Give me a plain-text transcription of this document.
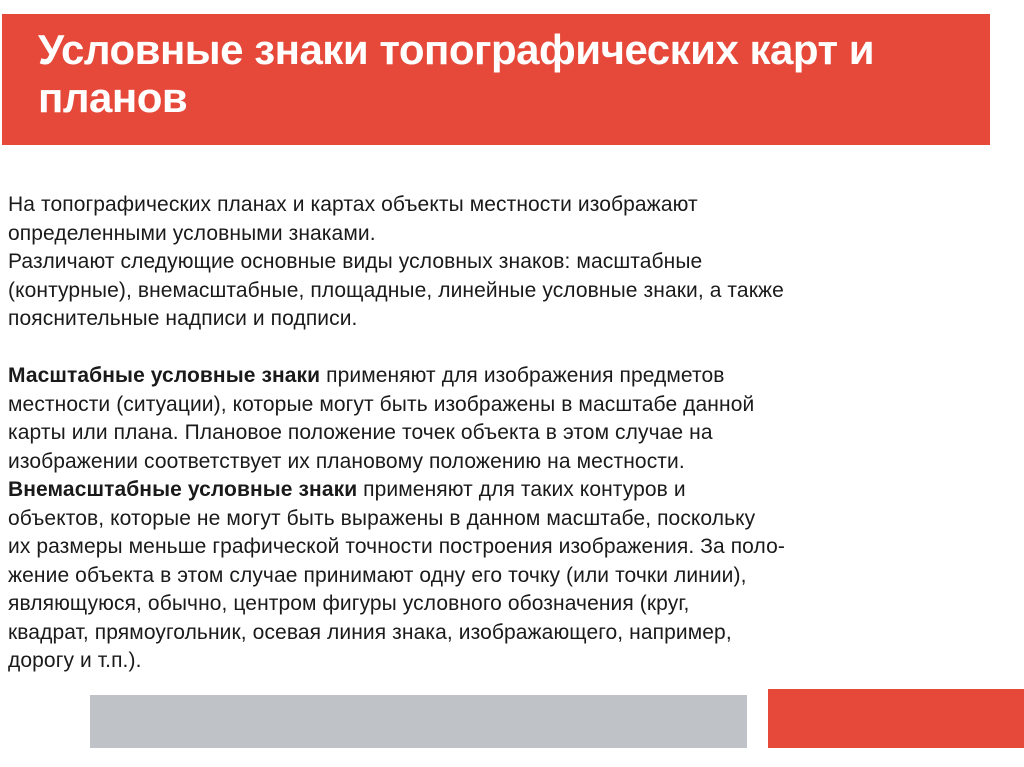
Условные знаки топографических карт и
планов
На топографических планах и картах объекты местности изображают
определенными условными знаками.
Различают следующие основные виды условных знаков: масштабные
(контурные), внемасштабные, площадные, линейные условные знаки, а также
пояснительные надписи и подписи.

Масштабные условные знаки применяют для изображения предметов
местности (ситуации), которые могут быть изображены в масштабе данной
карты или плана. Плановое положение точек объекта в этом случае на
изображении соответствует их плановому положению на местности.
Внемасштабные условные знаки применяют для таких контуров и
объектов, которые не могут быть выражены в данном масштабе, поскольку
их размеры меньше графической точности построения изображения. За поло-
жение объекта в этом случае принимают одну его точку (или точки линии),
являющуюся, обычно, центром фигуры условного обозначения (круг,
квадрат, прямоугольник, осевая линия знака, изображающего, например,
дорогу и т.п.).
